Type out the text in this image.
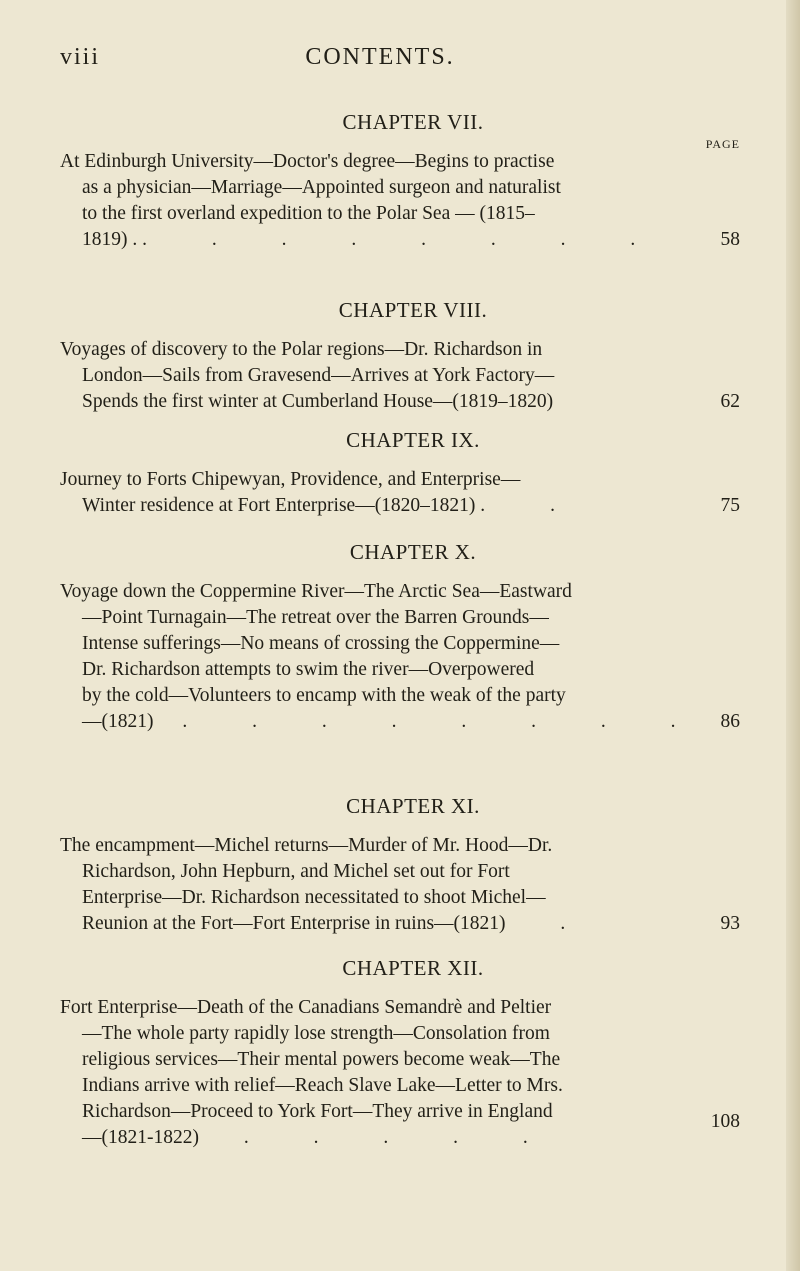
viii	CONTENTS.
CHAPTER VII.
PAGE
At Edinburgh University—Doctor's degree—Begins to practise
as a physician—Marriage—Appointed surgeon and naturalist
to the first overland expedition to the Polar Sea — (1815–
1819) . . . . . . . . .	58
CHAPTER VIII.
Voyages of discovery to the Polar regions—Dr. Richardson in
London—Sails from Gravesend—Arrives at York Factory—
Spends the first winter at Cumberland House—(1819–1820)	62
CHAPTER IX.
Journey to Forts Chipewyan, Providence, and Enterprise—
Winter residence at Fort Enterprise—(1820–1821) .	.	75
CHAPTER X.
Voyage down the Coppermine River—The Arctic Sea—Eastward
—Point Turnagain—The retreat over the Barren Grounds—
Intense sufferings—No means of crossing the Coppermine—
Dr. Richardson attempts to swim the river—Overpowered
by the cold—Volunteers to encamp with the weak of the party
—(1821) . . . . . . . . 86
CHAPTER XI.
The encampment—Michel returns—Murder of Mr. Hood—Dr.
Richardson, John Hepburn, and Michel set out for Fort
Enterprise—Dr. Richardson necessitated to shoot Michel—
Reunion at the Fort—Fort Enterprise in ruins—(1821)	.	93
CHAPTER XII.
Fort Enterprise—Death of the Canadians Semandrè and Peltier
—The whole party rapidly lose strength—Consolation from
religious services—Their mental powers become weak—The
Indians arrive with relief—Reach Slave Lake—Letter to Mrs.
Richardson—Proceed to York Fort—They arrive in England
—(1821-1822) . . . . .
108
